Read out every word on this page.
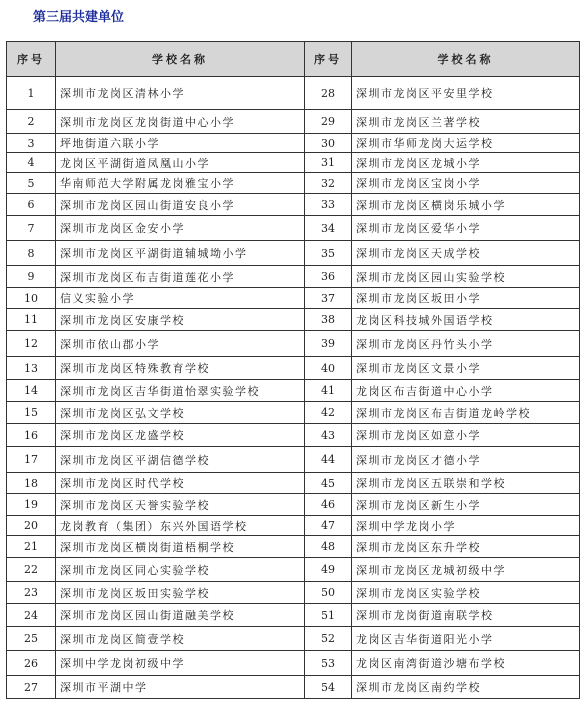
第三届共建单位
序号	学校名称	序号	学校名称
1	深圳市龙岗区清林小学	28	深圳市龙岗区平安里学校
2	深圳市龙岗区龙岗街道中心小学	29	深圳市龙岗区兰著学校
3	坪地街道六联小学	30	深圳市华师龙岗大运学校
4	龙岗区平湖街道凤凰山小学	31	深圳市龙岗区龙城小学
5	华南师范大学附属龙岗雅宝小学	32	深圳市龙岗区宝岗小学
6	深圳市龙岗区园山街道安良小学	33	深圳市龙岗区横岗乐城小学
7	深圳市龙岗区金安小学	34	深圳市龙岗区爱华小学
8	深圳市龙岗区平湖街道辅城坳小学	35	深圳市龙岗区天成学校
9	深圳市龙岗区布吉街道莲花小学	36	深圳市龙岗区园山实验学校
10	信义实验小学	37	深圳市龙岗区坂田小学
11	深圳市龙岗区安康学校	38	龙岗区科技城外国语学校
12	深圳市依山郡小学	39	深圳市龙岗区丹竹头小学
13	深圳市龙岗区特殊教育学校	40	深圳市龙岗区文景小学
14	深圳市龙岗区吉华街道怡翠实验学校	41	龙岗区布吉街道中心小学
15	深圳市龙岗区弘文学校	42	深圳市龙岗区布吉街道龙岭学校
16	深圳市龙岗区龙盛学校	43	深圳市龙岗区如意小学
17	深圳市龙岗区平湖信德学校	44	深圳市龙岗区才德小学
18	深圳市龙岗区时代学校	45	深圳市龙岗区五联崇和学校
19	深圳市龙岗区天誉实验学校	46	深圳市龙岗区新生小学
20	龙岗教育（集团）东兴外国语学校	47	深圳中学龙岗小学
21	深圳市龙岗区横岗街道梧桐学校	48	深圳市龙岗区东升学校
22	深圳市龙岗区同心实验学校	49	深圳市龙岗区龙城初级中学
23	深圳市龙岗区坂田实验学校	50	深圳市龙岗区实验学校
24	深圳市龙岗区园山街道融美学校	51	深圳市龙岗街道南联学校
25	深圳市龙岗区简壹学校	52	龙岗区吉华街道阳光小学
26	深圳中学龙岗初级中学	53	龙岗区南湾街道沙塘布学校
27	深圳市平湖中学	54	深圳市龙岗区南约学校
